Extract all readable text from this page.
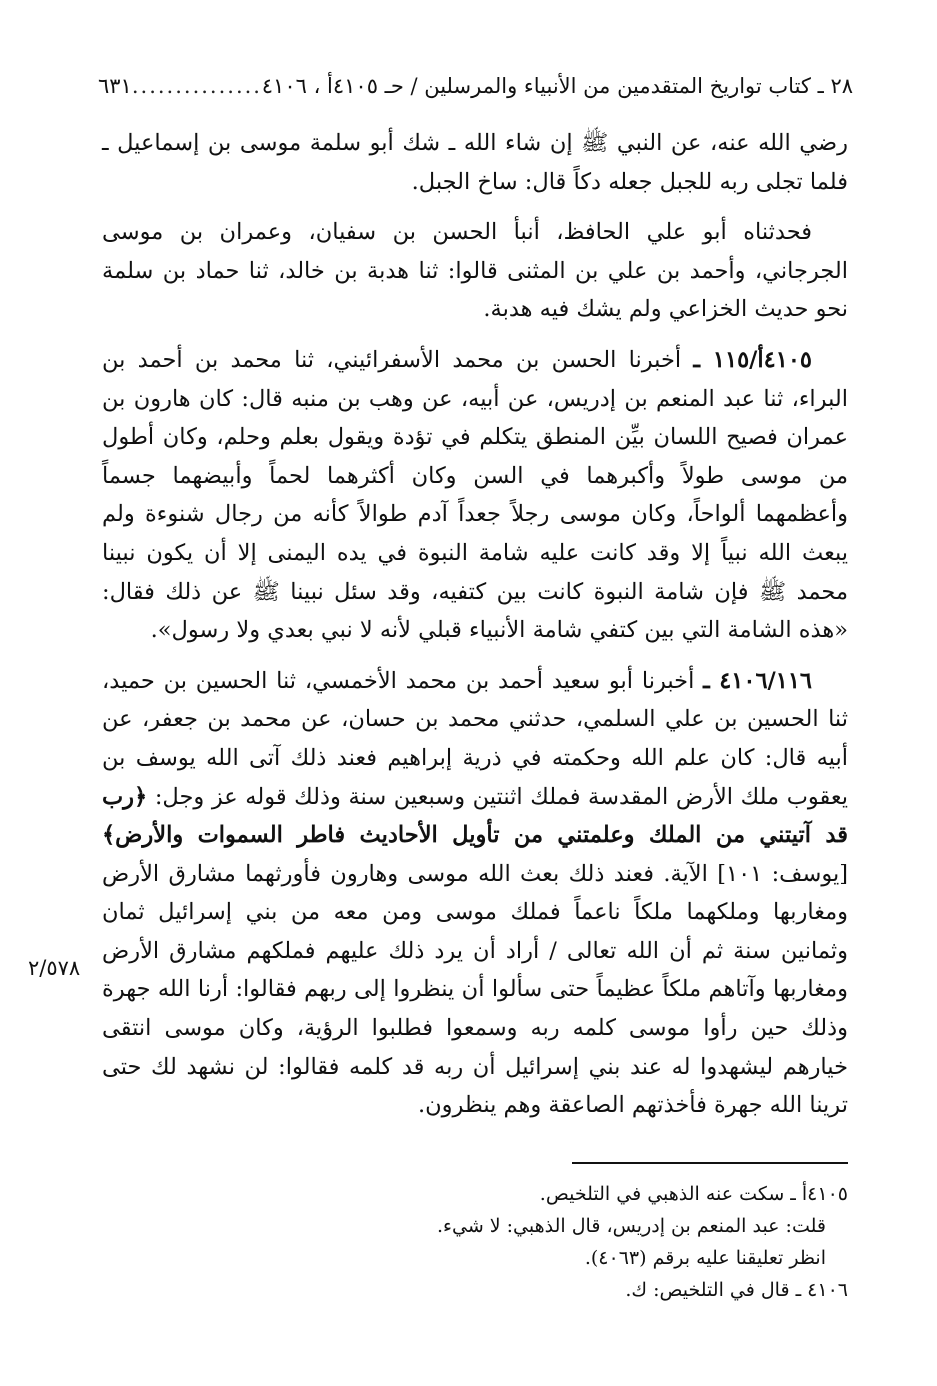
٢٨ ـ كتاب تواريخ المتقدمين من الأنبياء والمرسلين / حـ ٤١٠٥أ ، ٤١٠٦
...............
٦٣١

رضي الله عنه، عن النبي ﷺ إن شاء الله ـ شك أبو سلمة موسى بن إسماعيل ـ فلما تجلى ربه للجبل جعله دكاً قال: ساخ الجبل.

فحدثناه أبو علي الحافظ، أنبأ الحسن بن سفيان، وعمران بن موسى الجرجاني، وأحمد بن علي بن المثنى قالوا: ثنا هدبة بن خالد، ثنا حماد بن سلمة نحو حديث الخزاعي ولم يشك فيه هدبة.

٤١٠٥أ/١١٥ ـ أخبرنا الحسن بن محمد الأسفرائيني، ثنا محمد بن أحمد بن البراء، ثنا عبد المنعم بن إدريس، عن أبيه، عن وهب بن منبه قال: كان هارون بن عمران فصيح اللسان بيِّن المنطق يتكلم في تؤدة ويقول بعلم وحلم، وكان أطول من موسى طولاً وأكبرهما في السن وكان أكثرهما لحماً وأبيضهما جسماً وأعظمهما ألواحاً، وكان موسى رجلاً جعداً آدم طوالاً كأنه من رجال شنوءة ولم يبعث الله نبياً إلا وقد كانت عليه شامة النبوة في يده اليمنى إلا أن يكون نبينا محمد ﷺ فإن شامة النبوة كانت بين كتفيه، وقد سئل نبينا ﷺ عن ذلك فقال: «هذه الشامة التي بين كتفي شامة الأنبياء قبلي لأنه لا نبي بعدي ولا رسول».

٤١٠٦/١١٦ ـ أخبرنا أبو سعيد أحمد بن محمد الأخمسي، ثنا الحسين بن حميد، ثنا الحسين بن علي السلمي، حدثني محمد بن حسان، عن محمد بن جعفر، عن أبيه قال: كان علم الله وحكمته في ذرية إبراهيم فعند ذلك آتى الله يوسف بن يعقوب ملك الأرض المقدسة فملك اثنتين وسبعين سنة وذلك قوله عز وجل: ﴿رب قد آتيتني من الملك وعلمتني من تأويل الأحاديث فاطر السموات والأرض﴾ [يوسف: ١٠١] الآية. فعند ذلك بعث الله موسى وهارون فأورثهما مشارق الأرض ومغاربها وملكهما ملكاً ناعماً فملك موسى ومن معه من بني إسرائيل ثمان وثمانين سنة ثم أن الله تعالى / أراد أن يرد ذلك عليهم فملكهم مشارق الأرض ومغاربها وآتاهم ملكاً عظيماً حتى سألوا أن ينظروا إلى ربهم فقالوا: أرنا الله جهرة وذلك حين رأوا موسى كلمه ربه وسمعوا فطلبوا الرؤية، وكان موسى انتقى خيارهم ليشهدوا له عند بني إسرائيل أن ربه قد كلمه فقالوا: لن نشهد لك حتى ترينا الله جهرة فأخذتهم الصاعقة وهم ينظرون.

٢/٥٧٨
٤١٠٥أ ـ سكت عنه الذهبي في التلخيص.
قلت: عبد المنعم بن إدريس، قال الذهبي: لا شيء.
انظر تعليقنا عليه برقم (٤٠٦٣).
٤١٠٦ ـ قال في التلخيص: ك.
